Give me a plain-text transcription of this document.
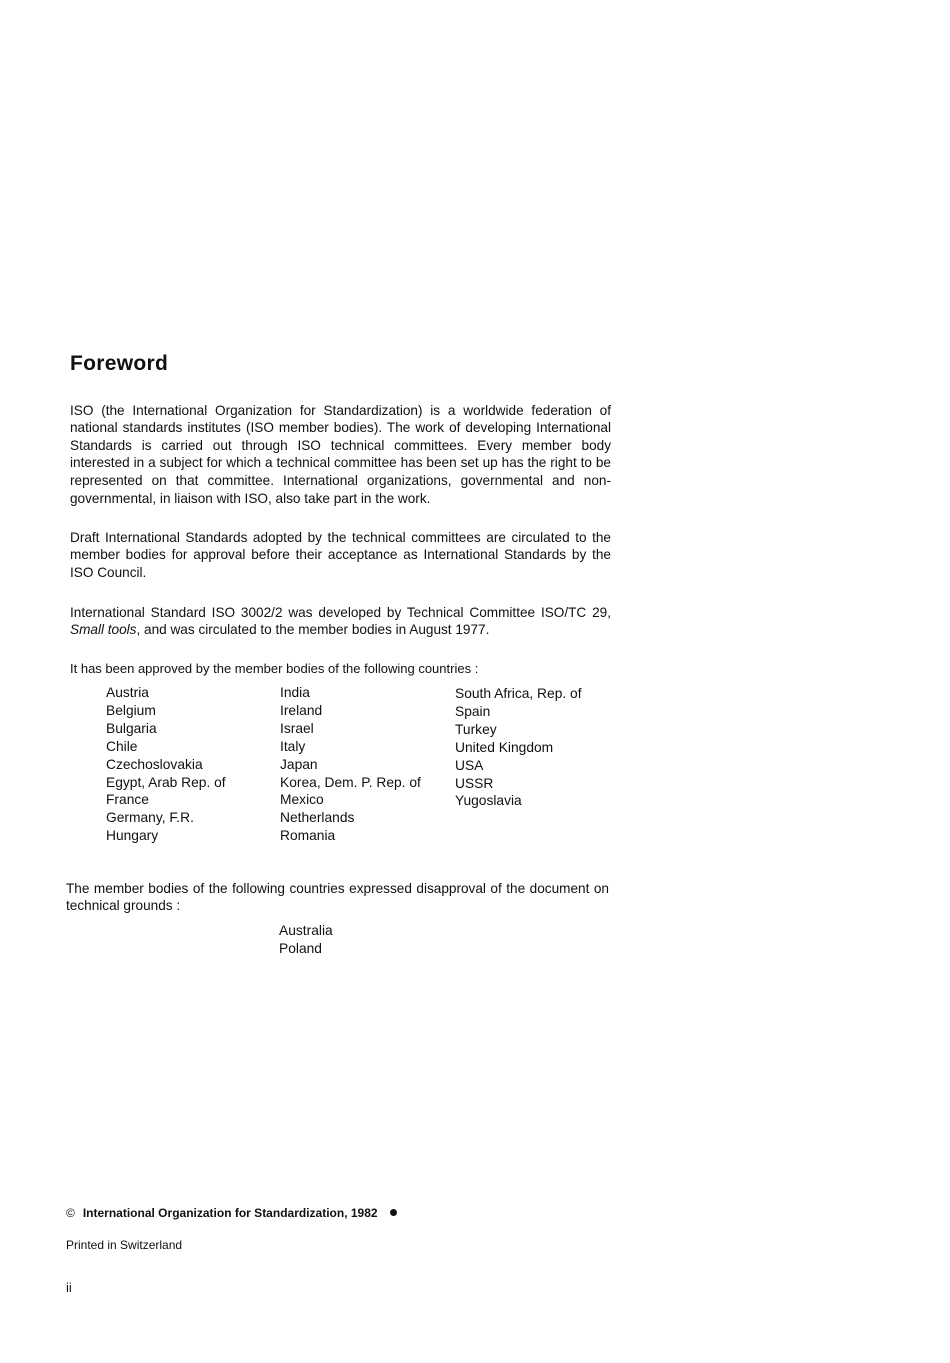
Foreword

ISO (the International Organization for Standardization) is a worldwide federation of national standards institutes (ISO member bodies). The work of developing International Standards is carried out through ISO technical committees. Every member body interested in a subject for which a technical committee has been set up has the right to be represented on that committee. International organizations, governmental and non-governmental, in liaison with ISO, also take part in the work.

Draft International Standards adopted by the technical committees are circulated to the member bodies for approval before their acceptance as International Standards by the ISO Council.

International Standard ISO 3002/2 was developed by Technical Committee ISO/TC 29, Small tools, and was circulated to the member bodies in August 1977.

It has been approved by the member bodies of the following countries :

Austria
Belgium
Bulgaria
Chile
Czechoslovakia
Egypt, Arab Rep. of
France
Germany, F.R.
Hungary
India
Ireland
Israel
Italy
Japan
Korea, Dem. P. Rep. of
Mexico
Netherlands
Romania
South Africa, Rep. of
Spain
Turkey
United Kingdom
USA
USSR
Yugoslavia

The member bodies of the following countries expressed disapproval of the document on technical grounds :

Australia
Poland
© International Organization for Standardization, 1982
Printed in Switzerland
ii
